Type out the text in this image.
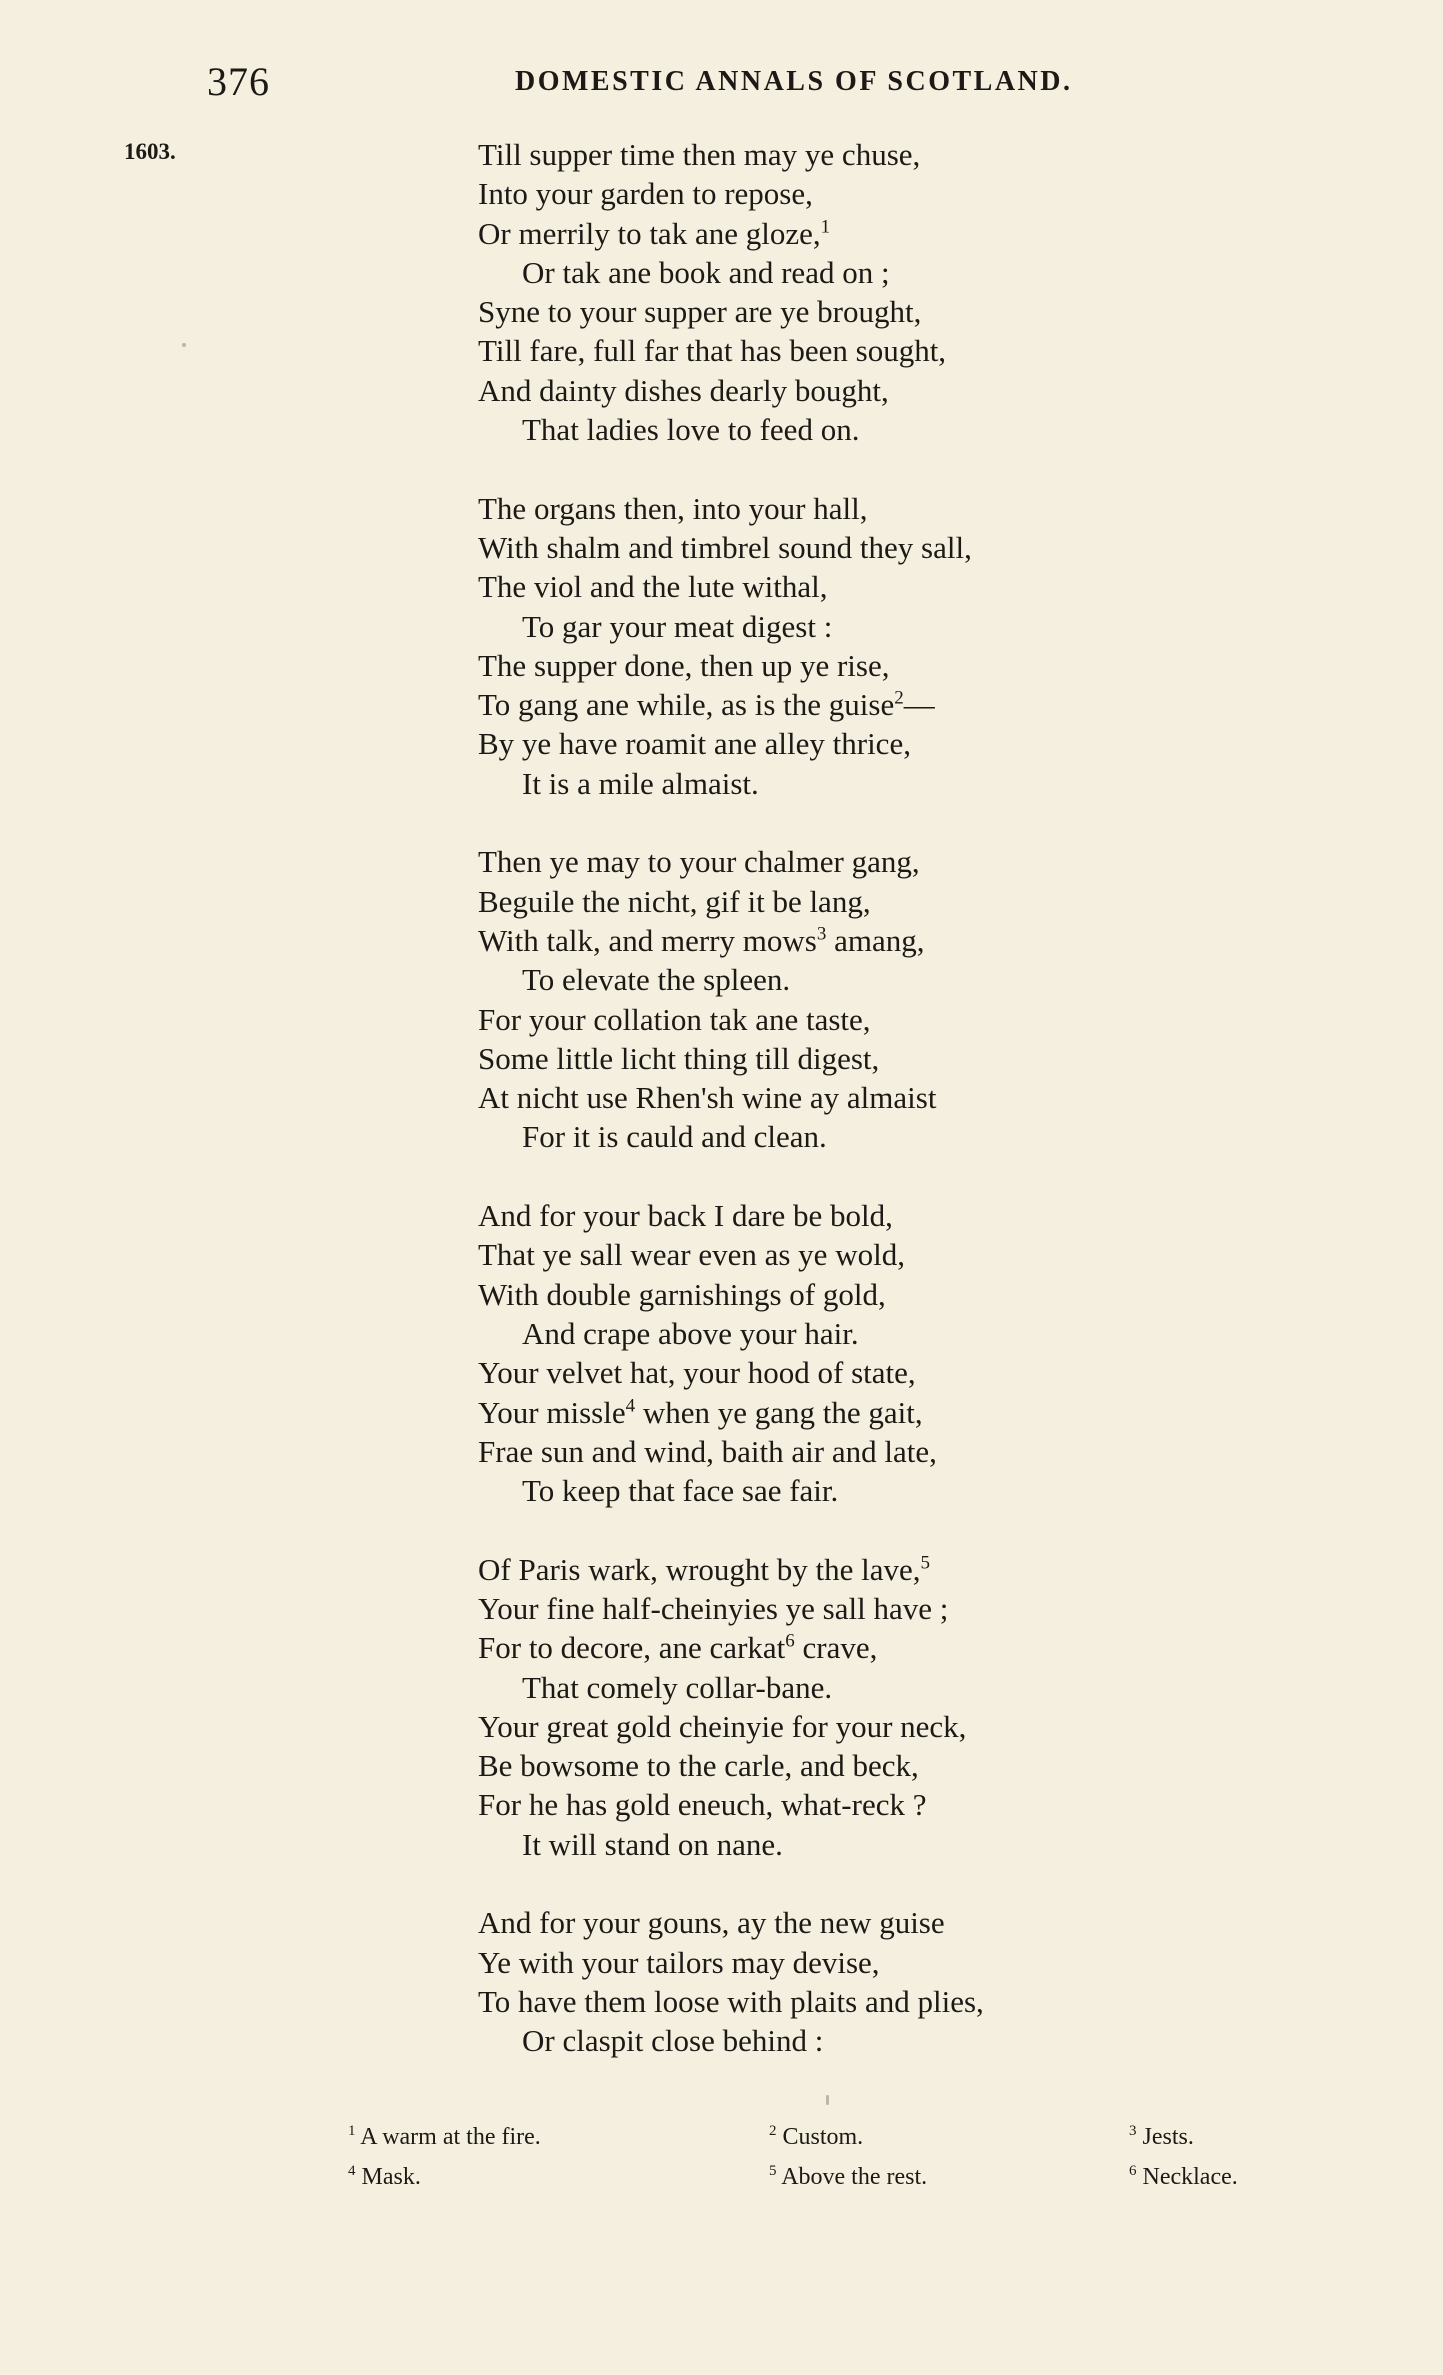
376	DOMESTIC ANNALS OF SCOTLAND.
1603.	Till supper time then may ye chuse,
Into your garden to repose,
Or merrily to tak ane gloze,$^1$
Or tak ane book and read on ;
Syne to your supper are ye brought,
Till fare, full far that has been sought,
And dainty dishes dearly bought,
That ladies love to feed on.
The organs then, into your hall,
With shalm and timbrel sound they sall,
The viol and the lute withal,
To gar your meat digest :
The supper done, then up ye rise,
To gang ane while, as is the guise$^2$—
By ye have roamit ane alley thrice,
It is a mile almaist.
Then ye may to your chalmer gang,
Beguile the nicht, gif it be lang,
With talk, and merry mows$^3$ amang,
To elevate the spleen.
For your collation tak ane taste,
Some little licht thing till digest,
At nicht use Rhen'sh wine ay almaist
For it is cauld and clean.
And for your back I dare be bold,
That ye sall wear even as ye wold,
With double garnishings of gold,
And crape above your hair.
Your velvet hat, your hood of state,
Your missle$^4$ when ye gang the gait,
Frae sun and wind, baith air and late,
To keep that face sae fair.
Of Paris wark, wrought by the lave,$^5$
Your fine half-cheinyies ye sall have ;
For to decore, ane carkat$^6$ crave,
That comely collar-bane.
Your great gold cheinyie for your neck,
Be bowsome to the carle, and beck,
For he has gold eneuch, what-reck ?
It will stand on nane.
And for your gouns, ay the new guise
Ye with your tailors may devise,
To have them loose with plaits and plies,
Or claspit close behind :
$^1$ A warm at the fire.	$^2$ Custom.	$^3$ Jests.
$^4$ Mask.	$^5$ Above the rest.	$^6$ Necklace.
